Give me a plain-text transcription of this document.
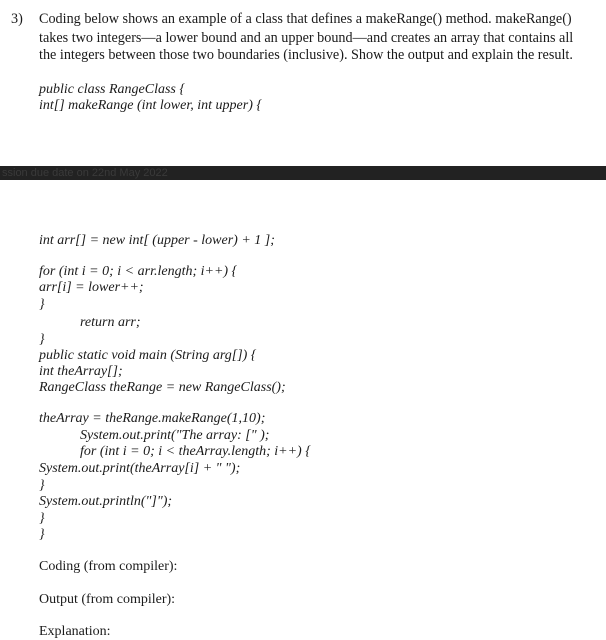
3) Coding below shows an example of a class that defines a makeRange() method. makeRange()
takes two integers—a lower bound and an upper bound—and creates an array that contains all
the integers between those two boundaries (inclusive). Show the output and explain the result.
public class RangeClass {
int[] makeRange (int lower, int upper) {
ssion due date on 22nd May 2022
int arr[] = new int[ (upper - lower) + 1 ];
for (int i = 0; i < arr.length; i++) {
arr[i] = lower++;
}
return arr;
}
public static void main (String arg[]) {
int theArray[];
RangeClass theRange = new RangeClass();
theArray = theRange.makeRange(1,10);
System.out.print("The array: [" );
for (int i = 0; i < theArray.length; i++) {
System.out.print(theArray[i] + " ");
}
System.out.println("]");
}
}
Coding (from compiler):
Output (from compiler):
Explanation:
